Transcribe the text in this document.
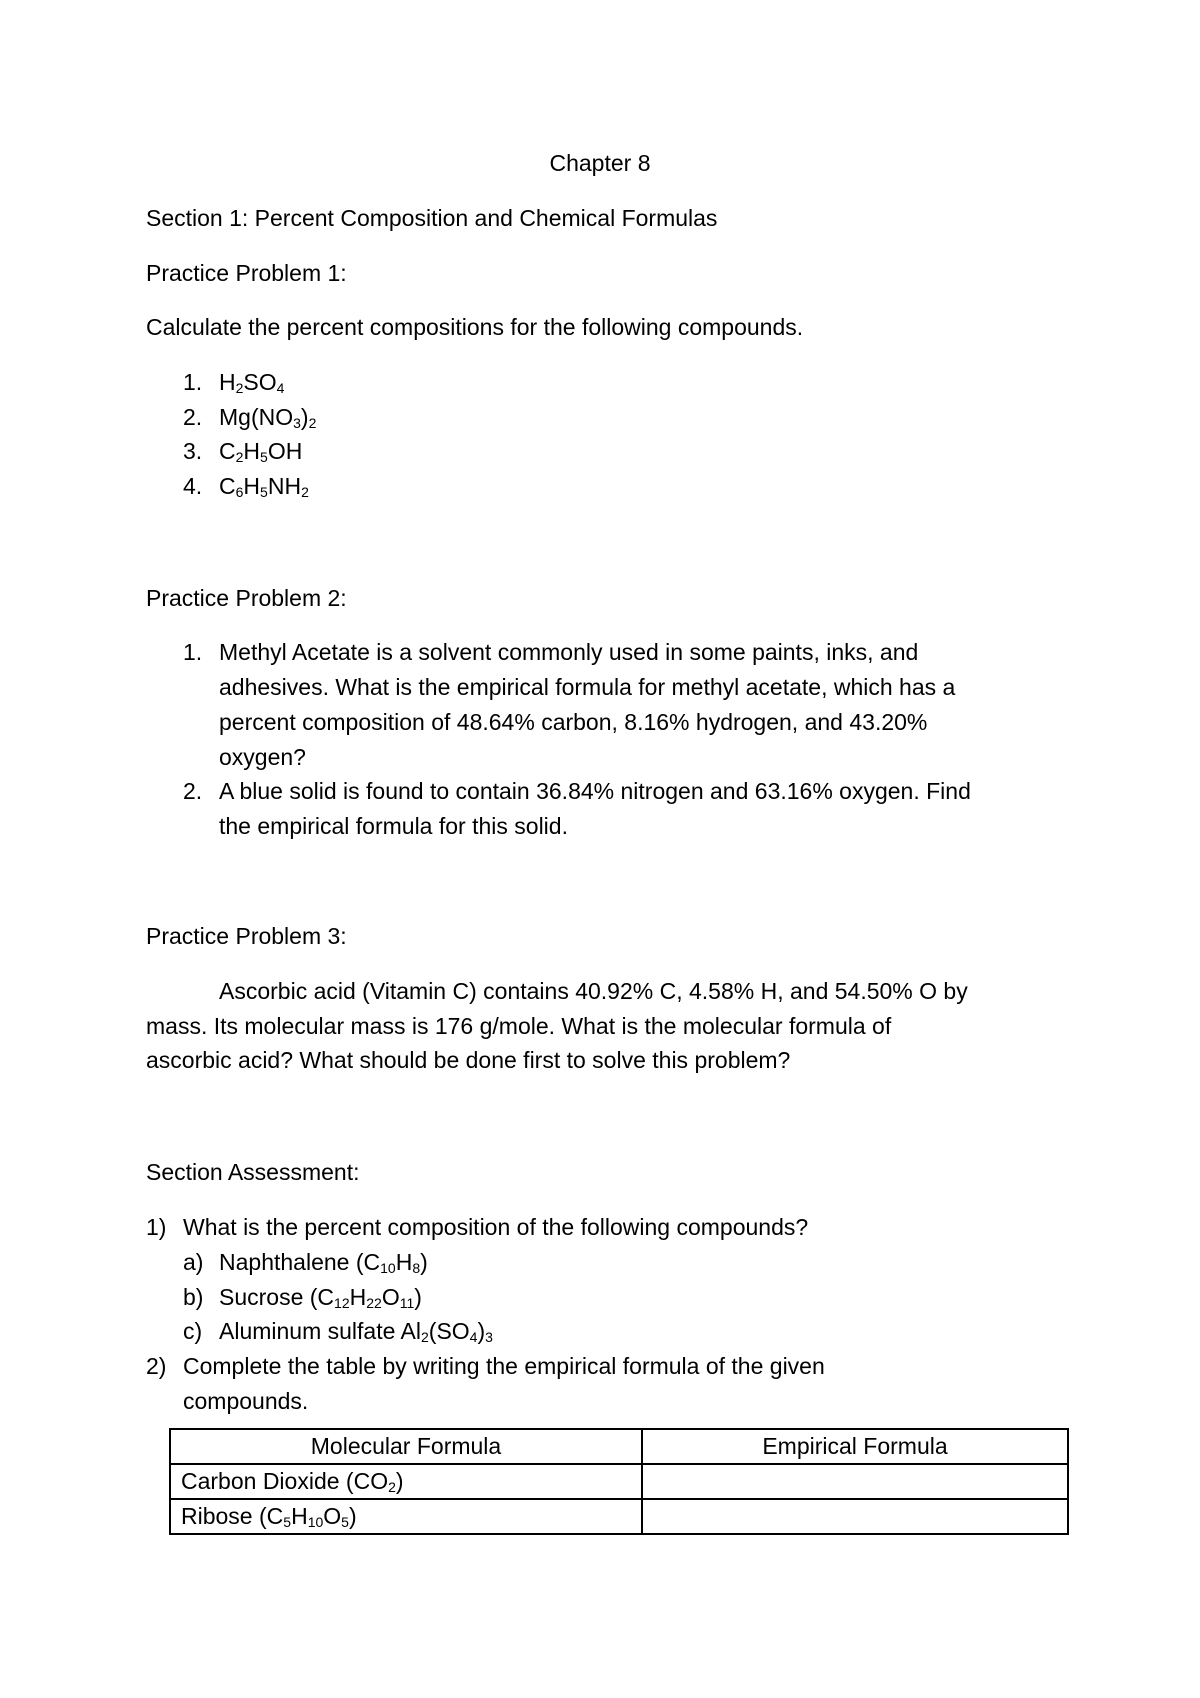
Chapter 8
Section 1: Percent Composition and Chemical Formulas
Practice Problem 1:
Calculate the percent compositions for the following compounds.
1. $H_2SO_4$
2. $Mg(NO_3)_2$
3. $C_2H_5OH$
4. $C_6H_5NH_2$
Practice Problem 2:
1. Methyl Acetate is a solvent commonly used in some paints, inks, and
adhesives. What is the empirical formula for methyl acetate, which has a
percent composition of 48.64% carbon, 8.16% hydrogen, and 43.20%
oxygen?
2. A blue solid is found to contain 36.84% nitrogen and 63.16% oxygen. Find
the empirical formula for this solid.
Practice Problem 3:
Ascorbic acid (Vitamin C) contains 40.92% C, 4.58% H, and 54.50% O by
mass. Its molecular mass is 176 g/mole. What is the molecular formula of
ascorbic acid? What should be done first to solve this problem?
Section Assessment:
1) What is the percent composition of the following compounds?
a) Naphthalene $(C_{10}H_8)$
b) Sucrose $(C_{12}H_{22}O_{11})$
c) Aluminum sulfate $Al_2(SO_4)_3$
2) Complete the table by writing the empirical formula of the given
compounds.
Molecular Formula	Empirical Formula
Carbon Dioxide $(CO_2)$	
Ribose $(C_5H_{10}O_5)$	
